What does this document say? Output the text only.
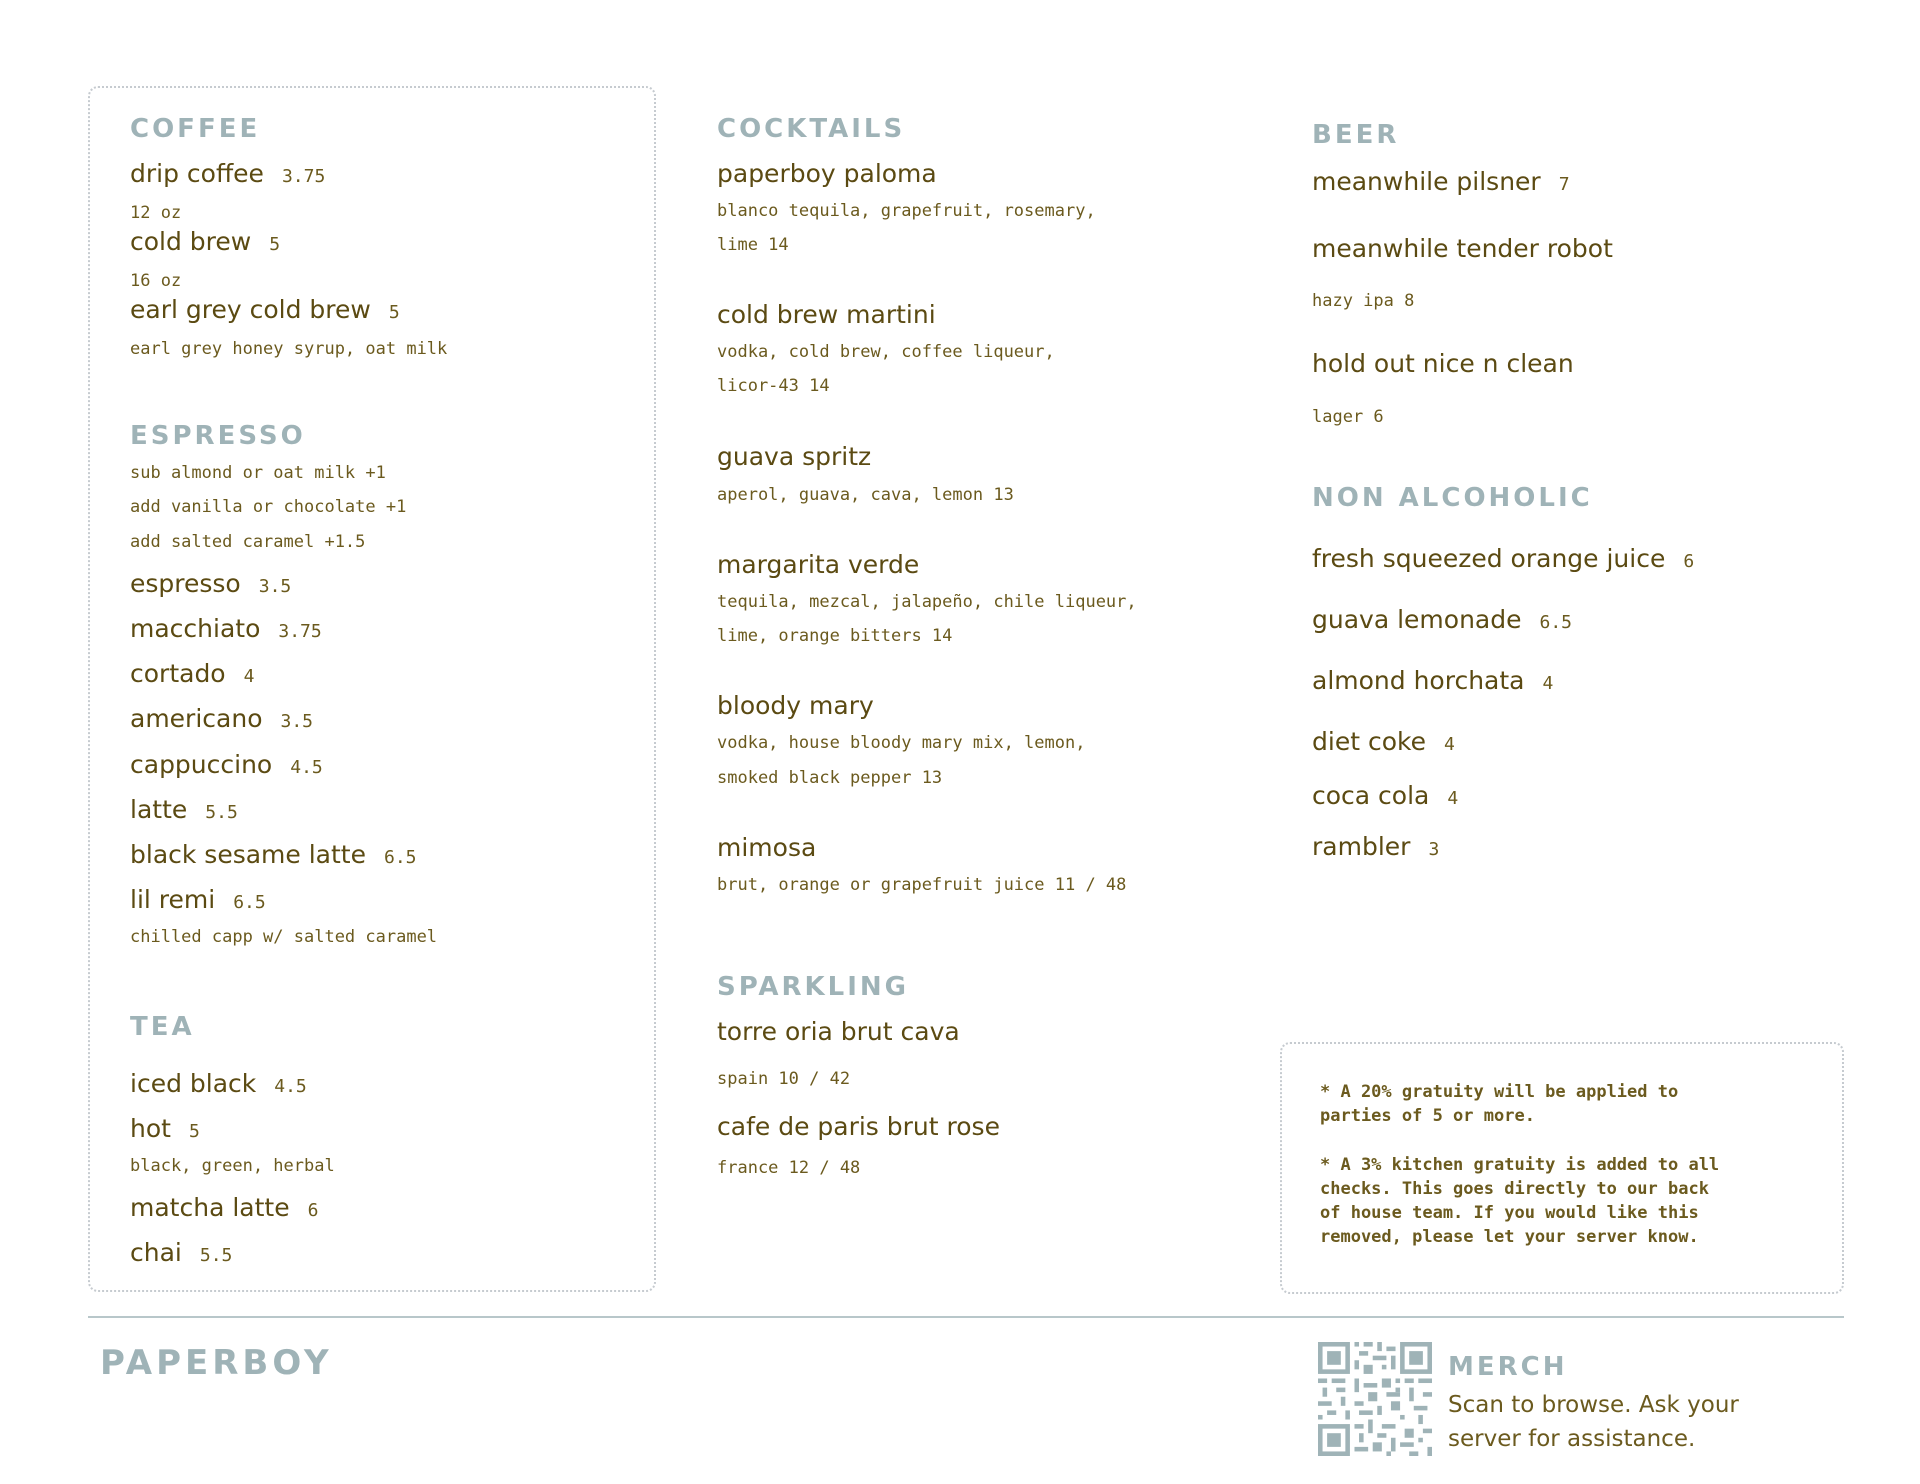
COFFEE
drip coffee 3.75
12 oz
cold brew 5
16 oz
earl grey cold brew 5
earl grey honey syrup, oat milk
ESPRESSO
sub almond or oat milk +1
add vanilla or chocolate +1
add salted caramel +1.5
espresso 3.5
macchiato 3.75
cortado 4
americano 3.5
cappuccino 4.5
latte 5.5
black sesame latte 6.5
lil remi 6.5
chilled capp w/ salted caramel
TEA
iced black 4.5
hot 5
black, green, herbal
matcha latte 6
chai 5.5
COCKTAILS
paperboy paloma
blanco tequila, grapefruit, rosemary,
lime 14
cold brew martini
vodka, cold brew, coffee liqueur,
licor-43 14
guava spritz
aperol, guava, cava, lemon 13
margarita verde
tequila, mezcal, jalapeño, chile liqueur,
lime, orange bitters 14
bloody mary
vodka, house bloody mary mix, lemon,
smoked black pepper 13
mimosa
brut, orange or grapefruit juice 11 / 48
SPARKLING
torre oria brut cava
spain 10 / 42
cafe de paris brut rose
france 12 / 48
BEER
meanwhile pilsner 7
meanwhile tender robot
hazy ipa 8
hold out nice n clean
lager 6
NON ALCOHOLIC
fresh squeezed orange juice 6
guava lemonade 6.5
almond horchata 4
diet coke 4
coca cola 4
rambler 3
* A 20% gratuity will be applied to
parties of 5 or more.
* A 3% kitchen gratuity is added to all
checks. This goes directly to our back
of house team. If you would like this
removed, please let your server know.
PAPERBOY	MERCH
Scan to browse. Ask your
server for assistance.
